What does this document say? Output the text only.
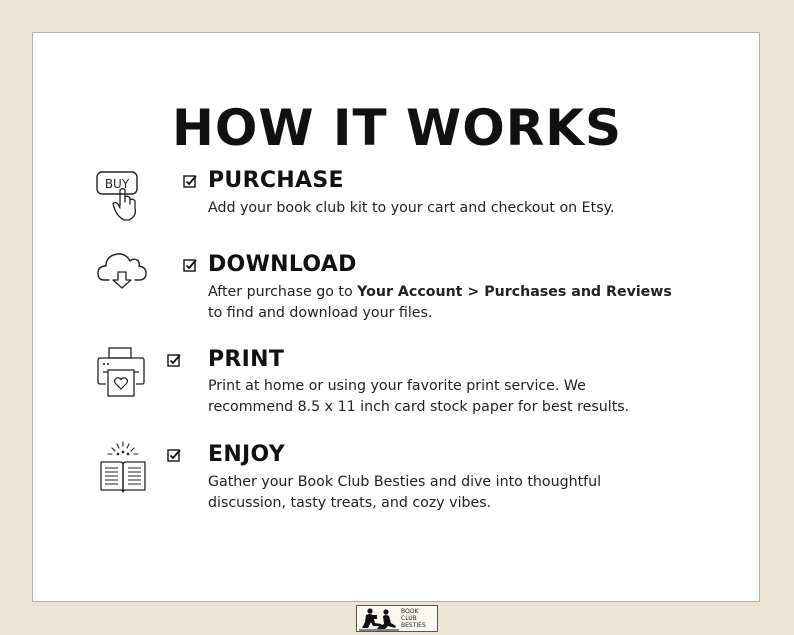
HOW IT WORKS
BUY	PURCHASE

Add your book club kit to your cart and checkout on Etsy.

DOWNLOAD

After purchase go to Your Account > Purchases and Reviews to find and download your files.

PRINT

Print at home or using your favorite print service. We recommend 8.5 x 11 inch card stock paper for best results.

ENJOY

Gather your Book Club Besties and dive into thoughtful discussion, tasty treats, and cozy vibes.

BOOK
CLUB
BESTIES
